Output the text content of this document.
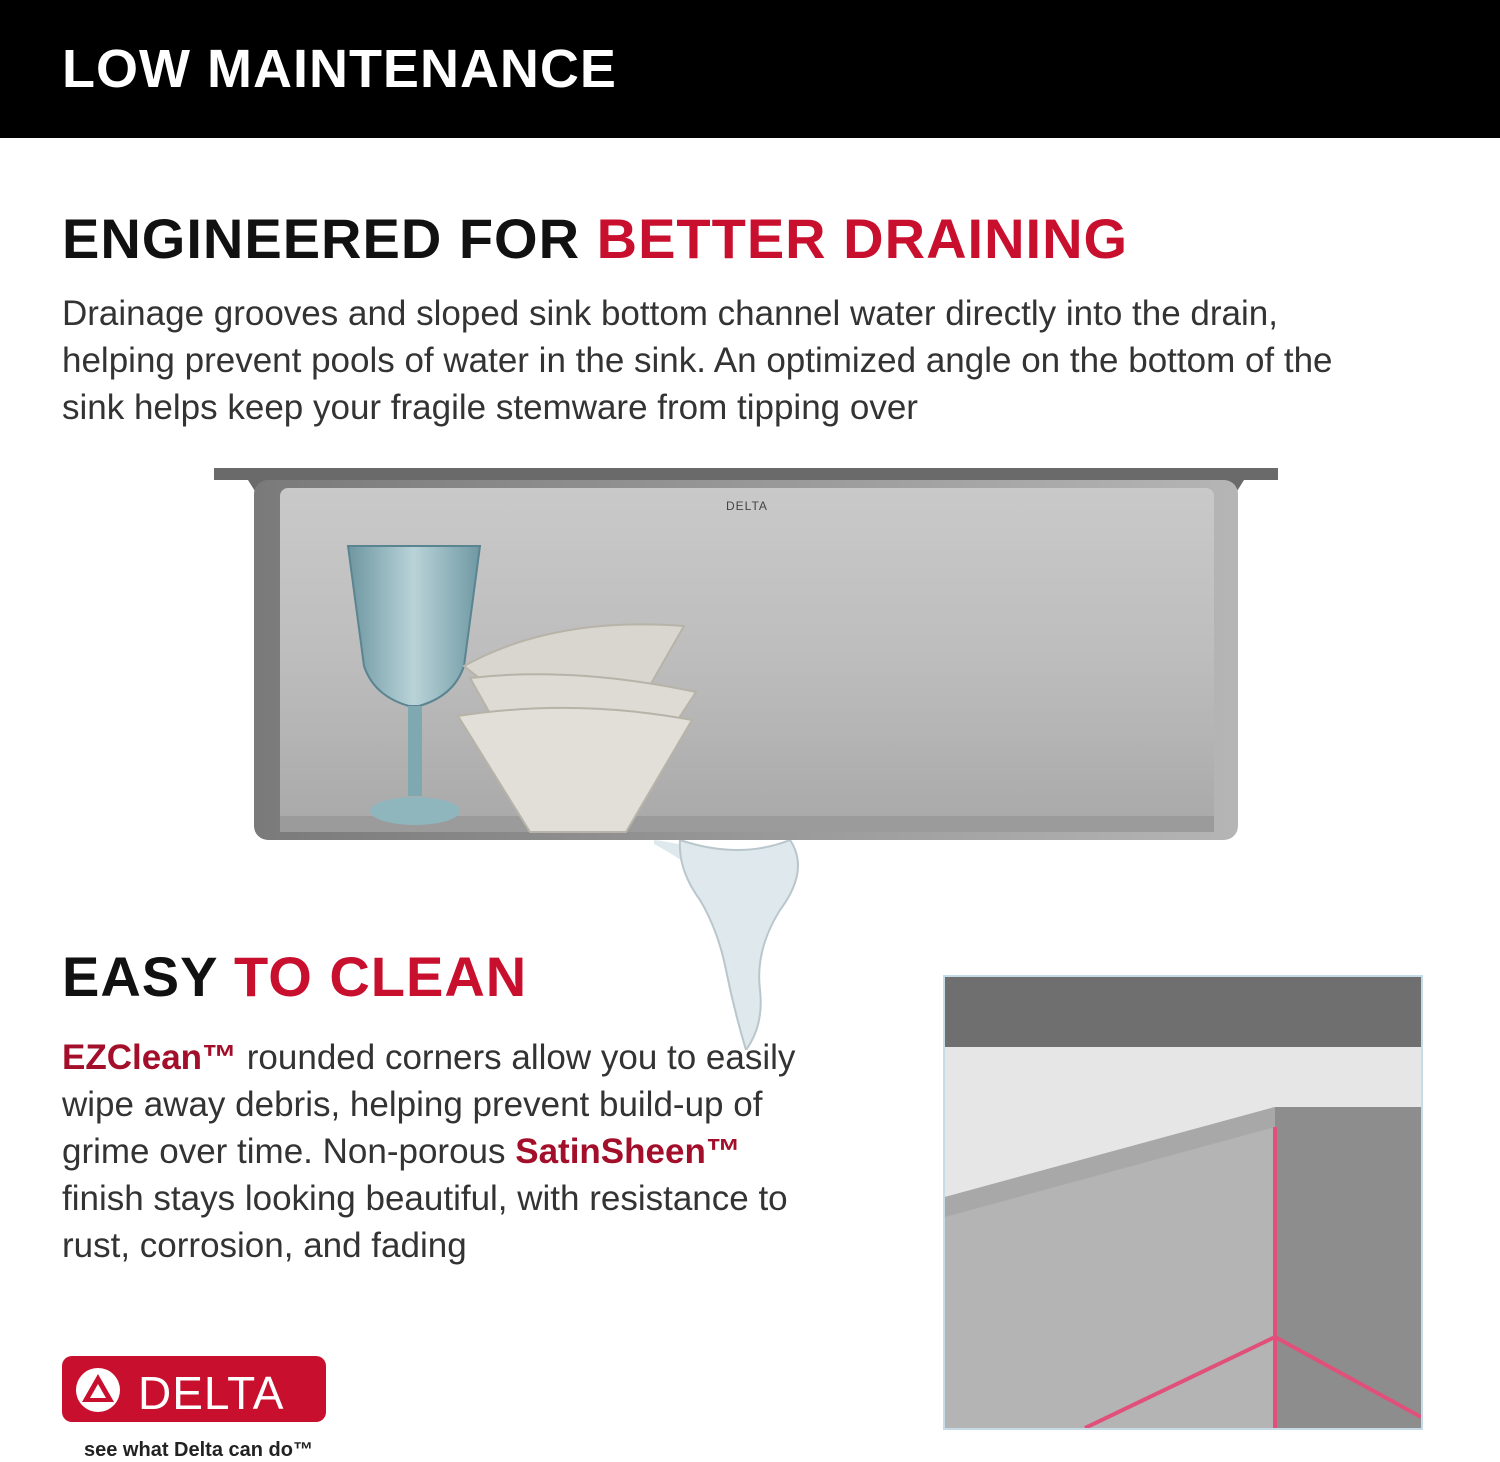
LOW MAINTENANCE
ENGINEERED FOR BETTER DRAINING
Drainage grooves and sloped sink bottom channel water directly into the drain, helping prevent pools of water in the sink. An optimized angle on the bottom of the sink helps keep your fragile stemware from tipping over
DELTA
EASY TO CLEAN
EZClean™ rounded corners allow you to easily wipe away debris, helping prevent build-up of grime over time. Non-porous SatinSheen™ finish stays looking beautiful, with resistance to rust, corrosion, and fading
DELTA
see what Delta can do™
